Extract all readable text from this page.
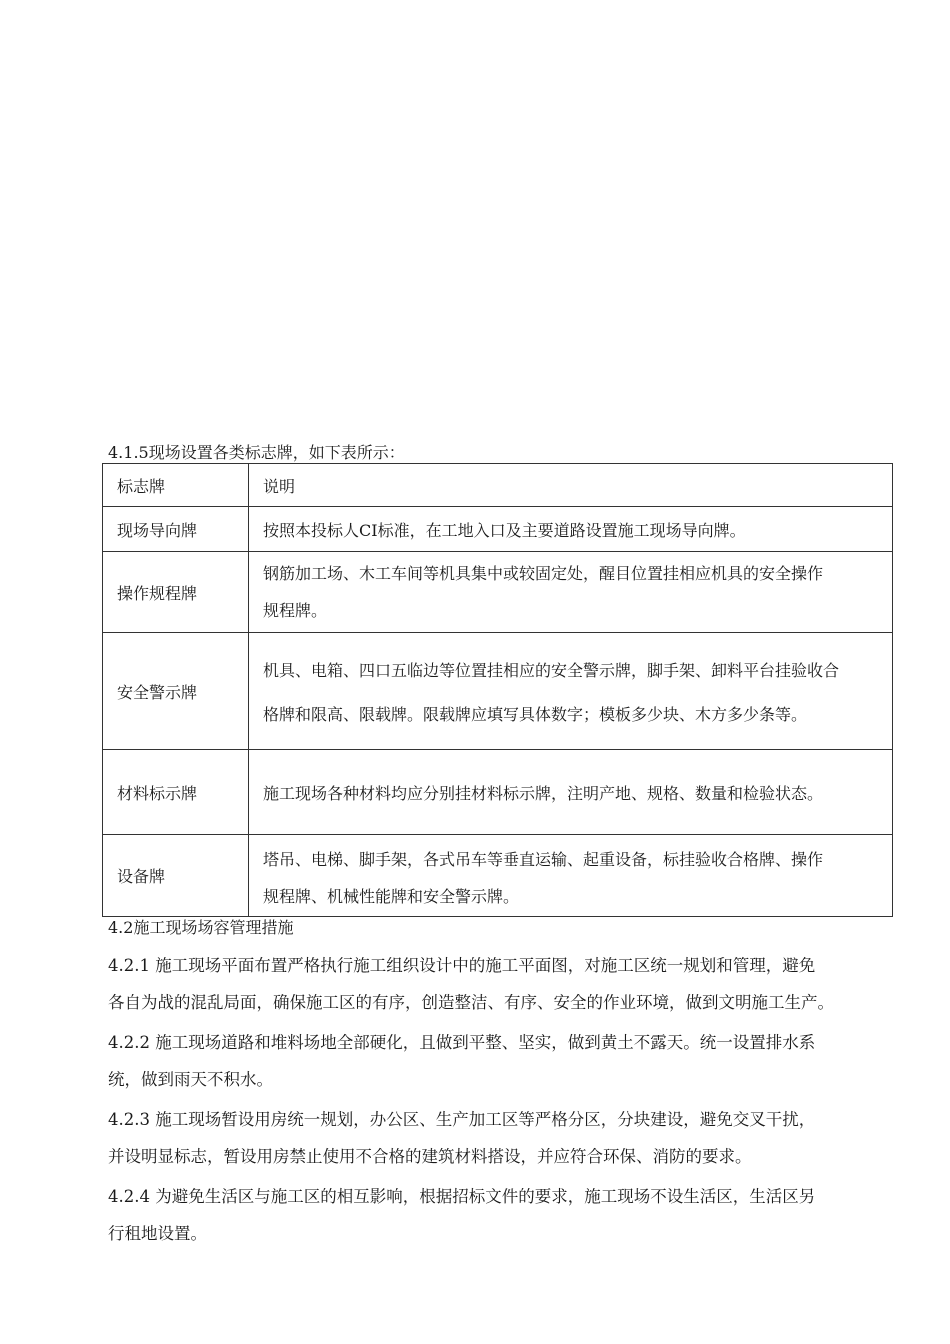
4.1.5现场设置各类标志牌，如下表所示：
标志牌	说明
现场导向牌	按照本投标人CI标准，在工地入口及主要道路设置施工现场导向牌。

操作规程牌	钢筋加工场、木工车间等机具集中或较固定处，醒目位置挂相应机具的安全操作
规程牌。

安全警示牌	机具、电箱、四口五临边等位置挂相应的安全警示牌，脚手架、卸料平台挂验收合
格牌和限高、限载牌。限载牌应填写具体数字；模板多少块、木方多少条等。

材料标示牌	施工现场各种材料均应分别挂材料标示牌，注明产地、规格、数量和检验状态。

设备牌	塔吊、电梯、脚手架，各式吊车等垂直运输、起重设备，标挂验收合格牌、操作
规程牌、机械性能牌和安全警示牌。
4.2施工现场场容管理措施
4.2.1 施工现场平面布置严格执行施工组织设计中的施工平面图，对施工区统一规划和管理，避免
各自为战的混乱局面，确保施工区的有序，创造整洁、有序、安全的作业环境，做到文明施工生产。
4.2.2 施工现场道路和堆料场地全部硬化，且做到平整、坚实，做到黄土不露天。统一设置排水系
统，做到雨天不积水。
4.2.3 施工现场暂设用房统一规划，办公区、生产加工区等严格分区，分块建设，避免交叉干扰，
并设明显标志，暂设用房禁止使用不合格的建筑材料搭设，并应符合环保、消防的要求。
4.2.4 为避免生活区与施工区的相互影响，根据招标文件的要求，施工现场不设生活区，生活区另
行租地设置。
